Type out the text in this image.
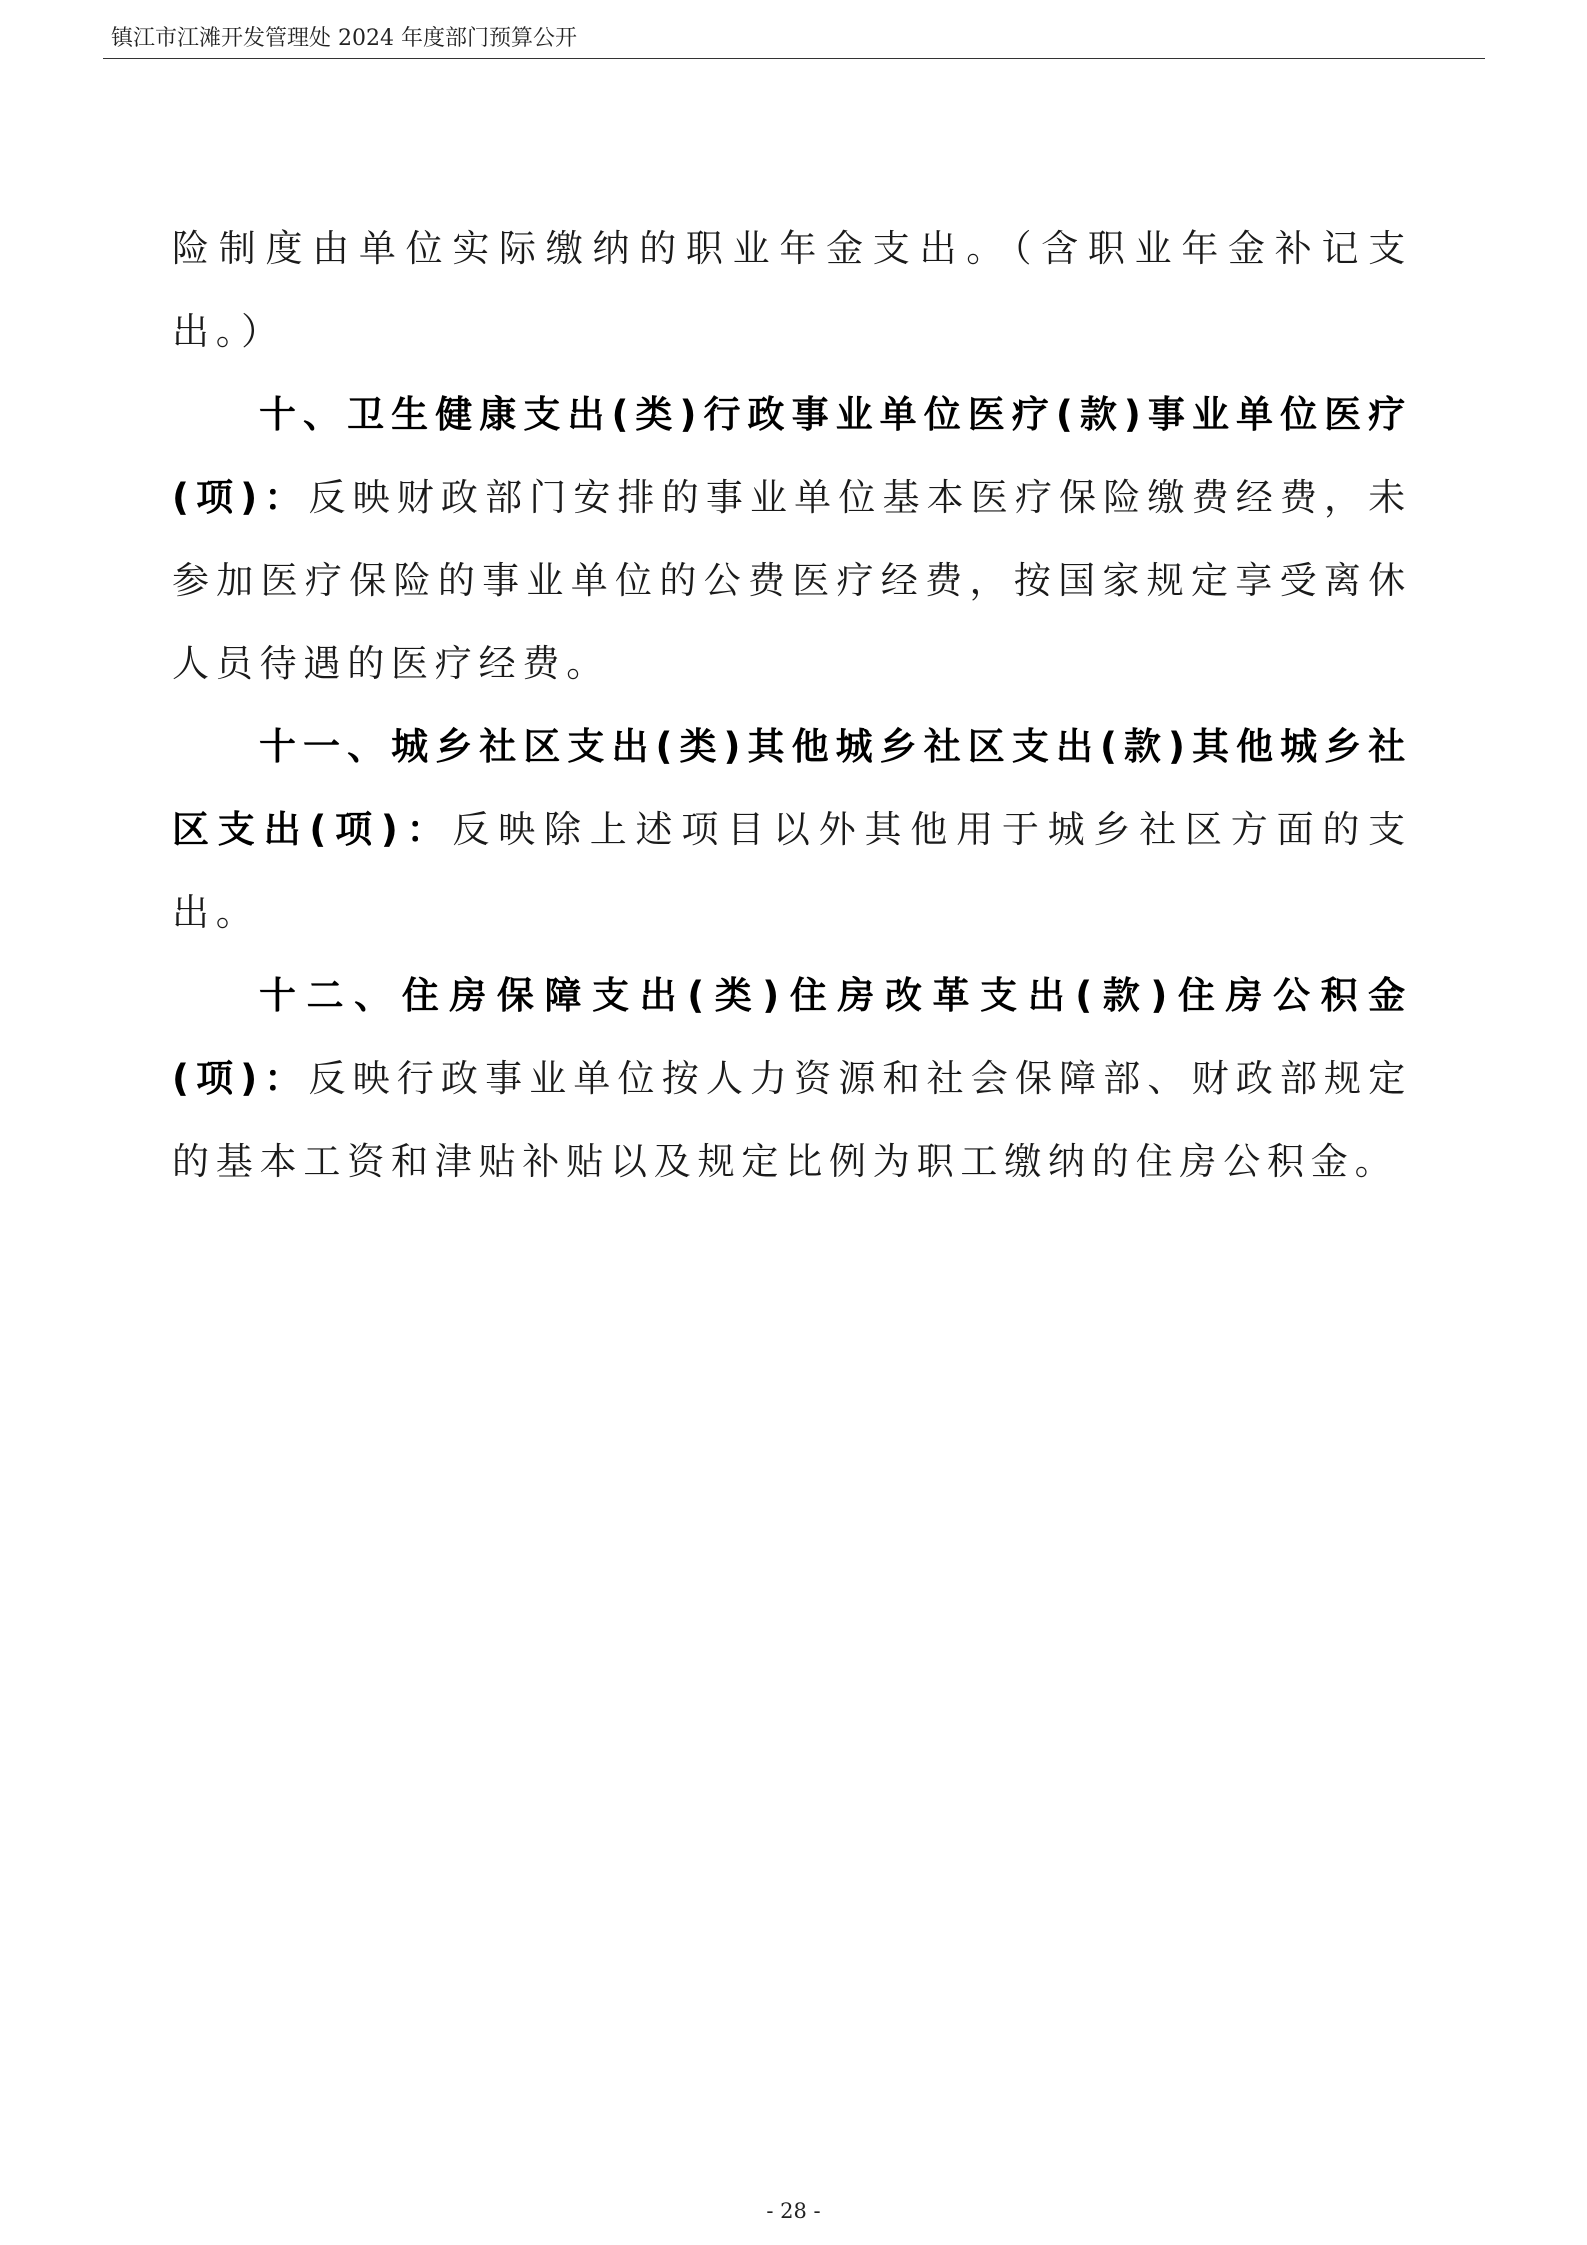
镇江市江滩开发管理处 2024 年度部门预算公开

险制度由单位实际缴纳的职业年金支出。（含职业年金补记支出。）

十、卫生健康支出(类)行政事业单位医疗(款)事业单位医疗(项)：反映财政部门安排的事业单位基本医疗保险缴费经费，未参加医疗保险的事业单位的公费医疗经费，按国家规定享受离休人员待遇的医疗经费。

十一、城乡社区支出(类)其他城乡社区支出(款)其他城乡社区支出(项)：反映除上述项目以外其他用于城乡社区方面的支出。

十二、住房保障支出(类)住房改革支出(款)住房公积金(项)：反映行政事业单位按人力资源和社会保障部、财政部规定的基本工资和津贴补贴以及规定比例为职工缴纳的住房公积金。

- 28 -
